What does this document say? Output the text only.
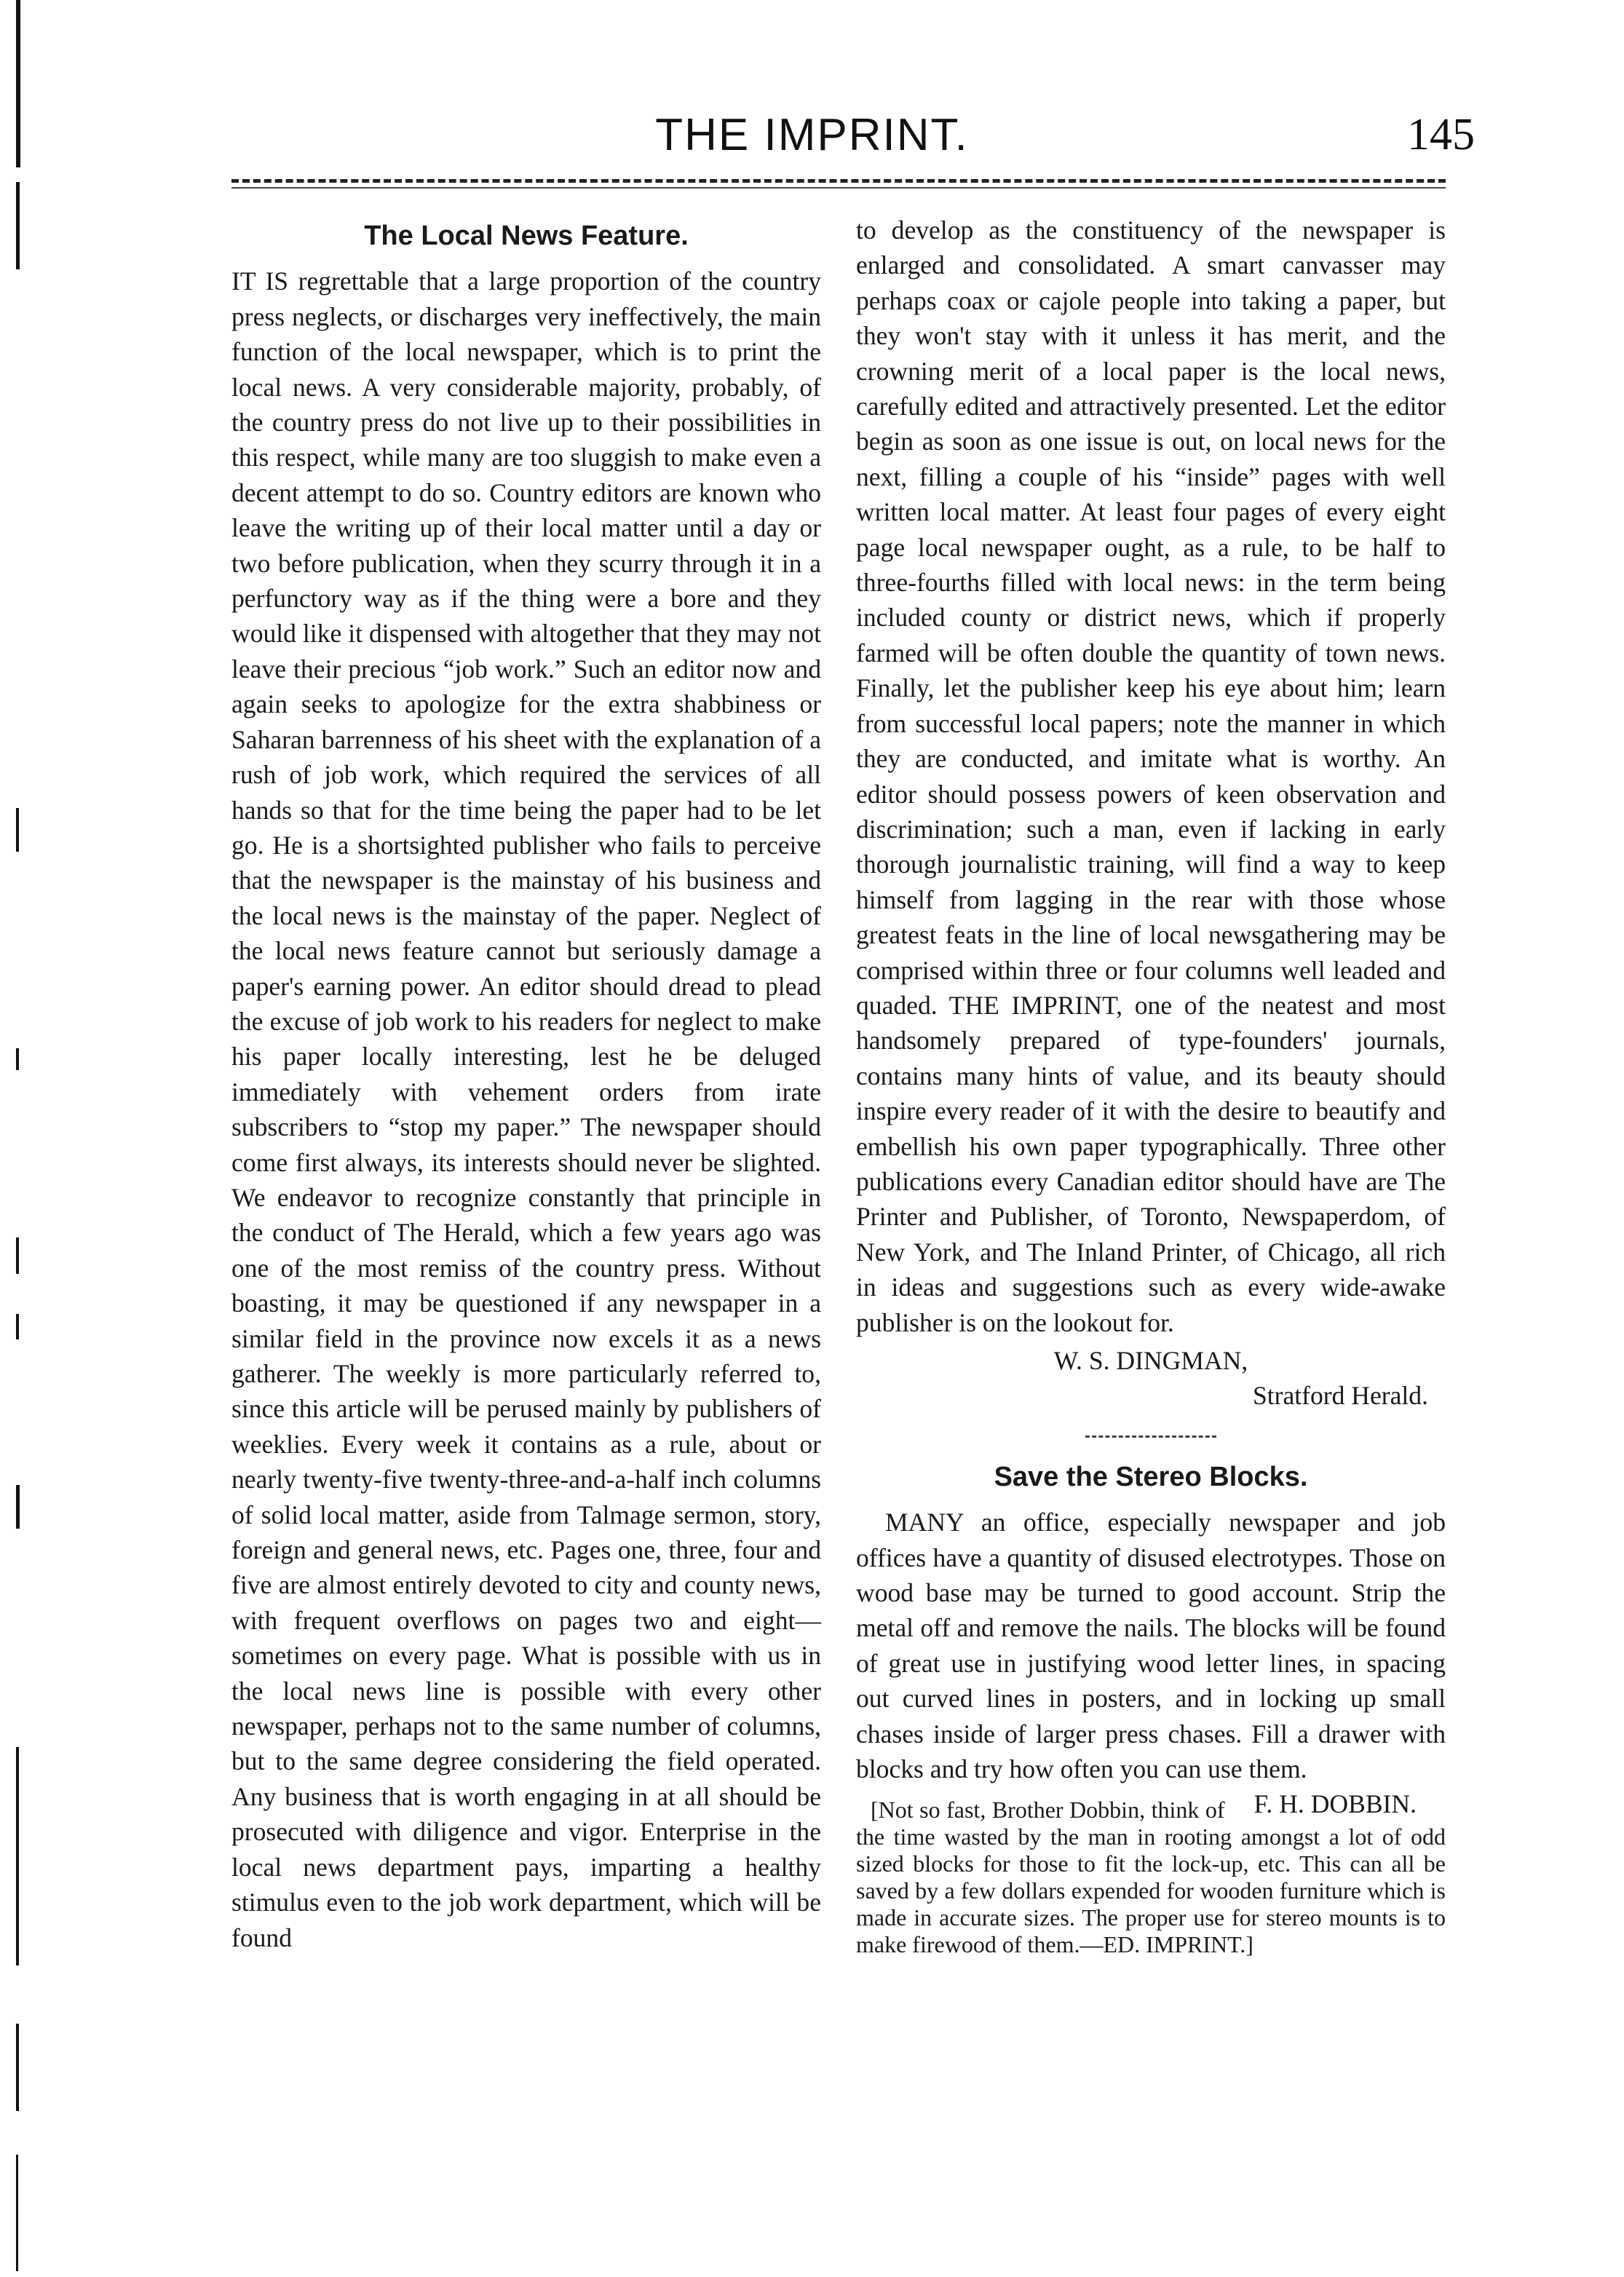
THE IMPRINT.	145
The Local News Feature.

IT IS regrettable that a large proportion of the country press neglects, or discharges very ineffectively, the main function of the local newspaper, which is to print the local news. A very considerable majority, probably, of the country press do not live up to their possibilities in this respect, while many are too sluggish to make even a decent attempt to do so. Country editors are known who leave the writing up of their local matter until a day or two before publication, when they scurry through it in a perfunctory way as if the thing were a bore and they would like it dispensed with altogether that they may not leave their precious “job work.” Such an editor now and again seeks to apologize for the extra shabbiness or Saharan barrenness of his sheet with the explanation of a rush of job work, which required the services of all hands so that for the time being the paper had to be let go. He is a shortsighted publisher who fails to perceive that the newspaper is the mainstay of his business and the local news is the mainstay of the paper. Neglect of the local news feature cannot but seriously damage a paper's earning power. An editor should dread to plead the excuse of job work to his readers for neglect to make his paper locally interesting, lest he be deluged immediately with vehement orders from irate subscribers to “stop my paper.” The newspaper should come first always, its interests should never be slighted. We endeavor to recognize constantly that principle in the conduct of The Herald, which a few years ago was one of the most remiss of the country press. Without boasting, it may be questioned if any newspaper in a similar field in the province now excels it as a news gatherer. The weekly is more particularly referred to, since this article will be perused mainly by publishers of weeklies. Every week it contains as a rule, about or nearly twenty-five twenty-three-and-a-half inch columns of solid local matter, aside from Talmage sermon, story, foreign and general news, etc. Pages one, three, four and five are almost entirely devoted to city and county news, with frequent overflows on pages two and eight—sometimes on every page. What is possible with us in the local news line is possible with every other newspaper, perhaps not to the same number of columns, but to the same degree considering the field operated. Any business that is worth engaging in at all should be prosecuted with diligence and vigor. Enterprise in the local news department pays, imparting a healthy stimulus even to the job work department, which will be found

to develop as the constituency of the newspaper is enlarged and consolidated. A smart canvasser may perhaps coax or cajole people into taking a paper, but they won't stay with it unless it has merit, and the crowning merit of a local paper is the local news, carefully edited and attractively presented. Let the editor begin as soon as one issue is out, on local news for the next, filling a couple of his “inside” pages with well written local matter. At least four pages of every eight page local newspaper ought, as a rule, to be half to three-fourths filled with local news: in the term being included county or district news, which if properly farmed will be often double the quantity of town news. Finally, let the publisher keep his eye about him; learn from successful local papers; note the manner in which they are conducted, and imitate what is worthy. An editor should possess powers of keen observation and discrimination; such a man, even if lacking in early thorough journalistic training, will find a way to keep himself from lagging in the rear with those whose greatest feats in the line of local newsgathering may be comprised within three or four columns well leaded and quaded. THE IMPRINT, one of the neatest and most handsomely prepared of type-founders' journals, contains many hints of value, and its beauty should inspire every reader of it with the desire to beautify and embellish his own paper typographically. Three other publications every Canadian editor should have are The Printer and Publisher, of Toronto, Newspaperdom, of New York, and The Inland Printer, of Chicago, all rich in ideas and suggestions such as every wide-awake publisher is on the lookout for.

W. S. DINGMAN,
Stratford Herald.
Save the Stereo Blocks.

MANY an office, especially newspaper and job offices have a quantity of disused electrotypes. Those on wood base may be turned to good account. Strip the metal off and remove the nails. The blocks will be found of great use in justifying wood letter lines, in spacing out curved lines in posters, and in locking up small chases inside of larger press chases. Fill a drawer with blocks and try how often you can use them.
F. H. DOBBIN.

[Not so fast, Brother Dobbin, think of the time wasted by the man in rooting amongst a lot of odd sized blocks for those to fit the lock-up, etc. This can all be saved by a few dollars expended for wooden furniture which is made in accurate sizes. The proper use for stereo mounts is to make firewood of them.—ED. IMPRINT.]
